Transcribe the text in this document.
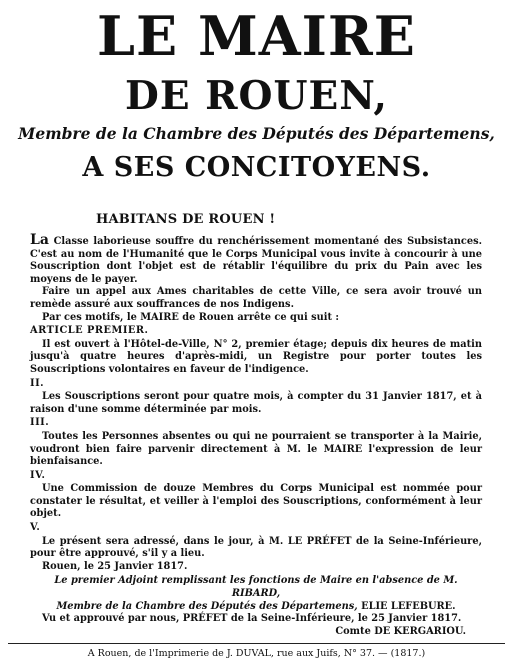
LE MAIRE
DE ROUEN,
Membre de la Chambre des Députés des Départemens,
A SES CONCITOYENS.
HABITANS DE ROUEN !

La Classe laborieuse souffre du renchérissement momentané des Subsistances. C'est au nom de l'Humanité que le Corps Municipal vous invite à concourir à une Souscription dont l'objet est de rétablir l'équilibre du prix du Pain avec les moyens de le payer.

Faire un appel aux Ames charitables de cette Ville, ce sera avoir trouvé un remède assuré aux souffrances de nos Indigens.

Par ces motifs, le MAIRE de Rouen arrête ce qui suit :

ARTICLE PREMIER.

Il est ouvert à l'Hôtel-de-Ville, N° 2, premier étage; depuis dix heures de matin jusqu'à quatre heures d'après-midi, un Registre pour porter toutes les Souscriptions volontaires en faveur de l'indigence.

II.

Les Souscriptions seront pour quatre mois, à compter du 31 Janvier 1817, et à raison d'une somme déterminée par mois.

III.

Toutes les Personnes absentes ou qui ne pourraient se transporter à la Mairie, voudront bien faire parvenir directement à M. le MAIRE l'expression de leur bienfaisance.

IV.

Une Commission de douze Membres du Corps Municipal est nommée pour constater le résultat, et veiller à l'emploi des Souscriptions, conformément à leur objet.

V.

Le présent sera adressé, dans le jour, à M. LE PRÉFET de la Seine-Inférieure, pour être approuvé, s'il y a lieu.

Rouen, le 25 Janvier 1817.

Le premier Adjoint remplissant les fonctions de Maire en l'absence de M. RIBARD,

Membre de la Chambre des Députés des Départemens, ELIE LEFEBURE.

Vu et approuvé par nous, PRÉFET de la Seine-Inférieure, le 25 Janvier 1817.

Comte DE KERGARIOU.

A Rouen, de l'Imprimerie de J. DUVAL, rue aux Juifs, N° 37. — (1817.)
